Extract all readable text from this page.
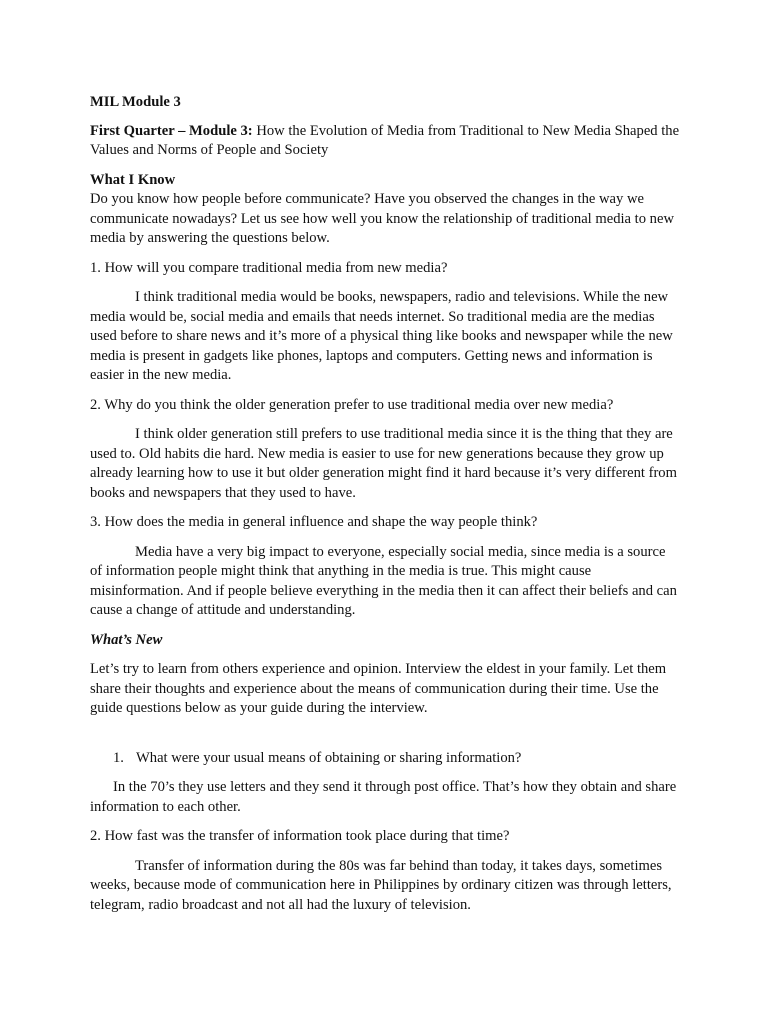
MIL Module 3

First Quarter – Module 3: How the Evolution of Media from Traditional to New Media Shaped the Values and Norms of People and Society

What I Know

Do you know how people before communicate? Have you observed the changes in the way we communicate nowadays? Let us see how well you know the relationship of traditional media to new media by answering the questions below.

1. How will you compare traditional media from new media?

I think traditional media would be books, newspapers, radio and televisions. While the new media would be, social media and emails that needs internet. So traditional media are the medias used before to share news and it’s more of a physical thing like books and newspaper while the new media is present in gadgets like phones, laptops and computers. Getting news and information is easier in the new media.

2. Why do you think the older generation prefer to use traditional media over new media?

I think older generation still prefers to use traditional media since it is the thing that they are used to. Old habits die hard. New media is easier to use for new generations because they grow up already learning how to use it but older generation might find it hard because it’s very different from books and newspapers that they used to have.

3. How does the media in general influence and shape the way people think?

Media have a very big impact to everyone, especially social media, since media is a source of information people might think that anything in the media is true. This might cause misinformation. And if people believe everything in the media then it can affect their beliefs and can cause a change of attitude and understanding.

What’s New

Let’s try to learn from others experience and opinion. Interview the eldest in your family. Let them share their thoughts and experience about the means of communication during their time. Use the guide questions below as your guide during the interview.

1. What were your usual means of obtaining or sharing information?

In the 70’s they use letters and they send it through post office. That’s how they obtain and share information to each other.

2. How fast was the transfer of information took place during that time?

Transfer of information during the 80s was far behind than today, it takes days, sometimes weeks, because mode of communication here in Philippines by ordinary citizen was through letters, telegram, radio broadcast and not all had the luxury of television.
